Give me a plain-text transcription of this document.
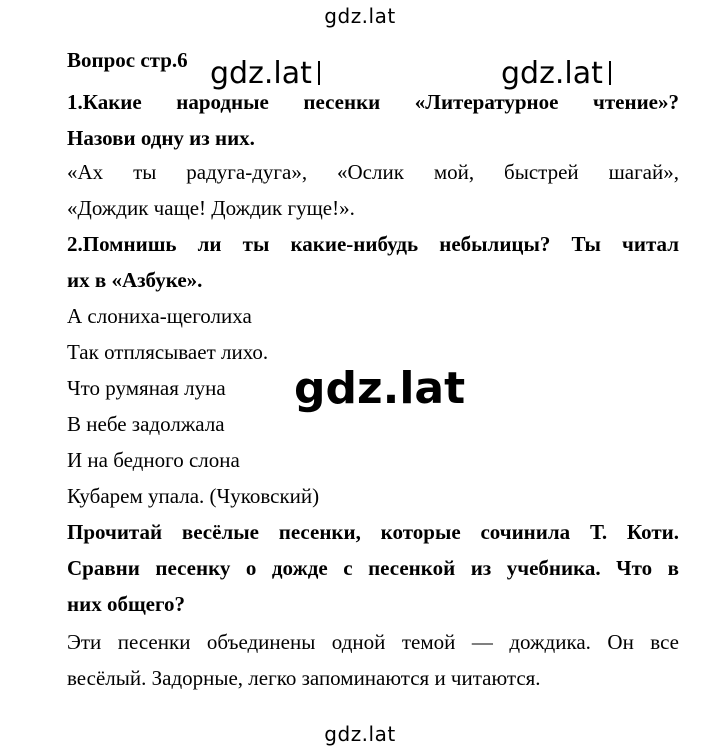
gdz.lat
gdz.lat	gdz.lat
Вопрос стр.6
1.Какие народные песенки «Литературное чтение»?
Назови одну из них.
«Ах ты радуга-дуга», «Ослик мой, быстрей шагай»,
«Дождик чаще! Дождик гуще!».
2.Помнишь ли ты какие-нибудь небылицы? Ты читал
их в «Азбуке».
А слониха-щеголиха
Так отплясывает лихо.
Что румяная луна
В небе задолжала
И на бедного слона
Кубарем упала. (Чуковский)
Прочитай весёлые песенки, которые сочинила Т. Коти.
Сравни песенку о дожде с песенкой из учебника. Что в
них общего?
Эти песенки объединены одной темой — дождика. Он все
весёлый. Задорные, легко запоминаются и читаются.
gdz.lat
gdz.lat
